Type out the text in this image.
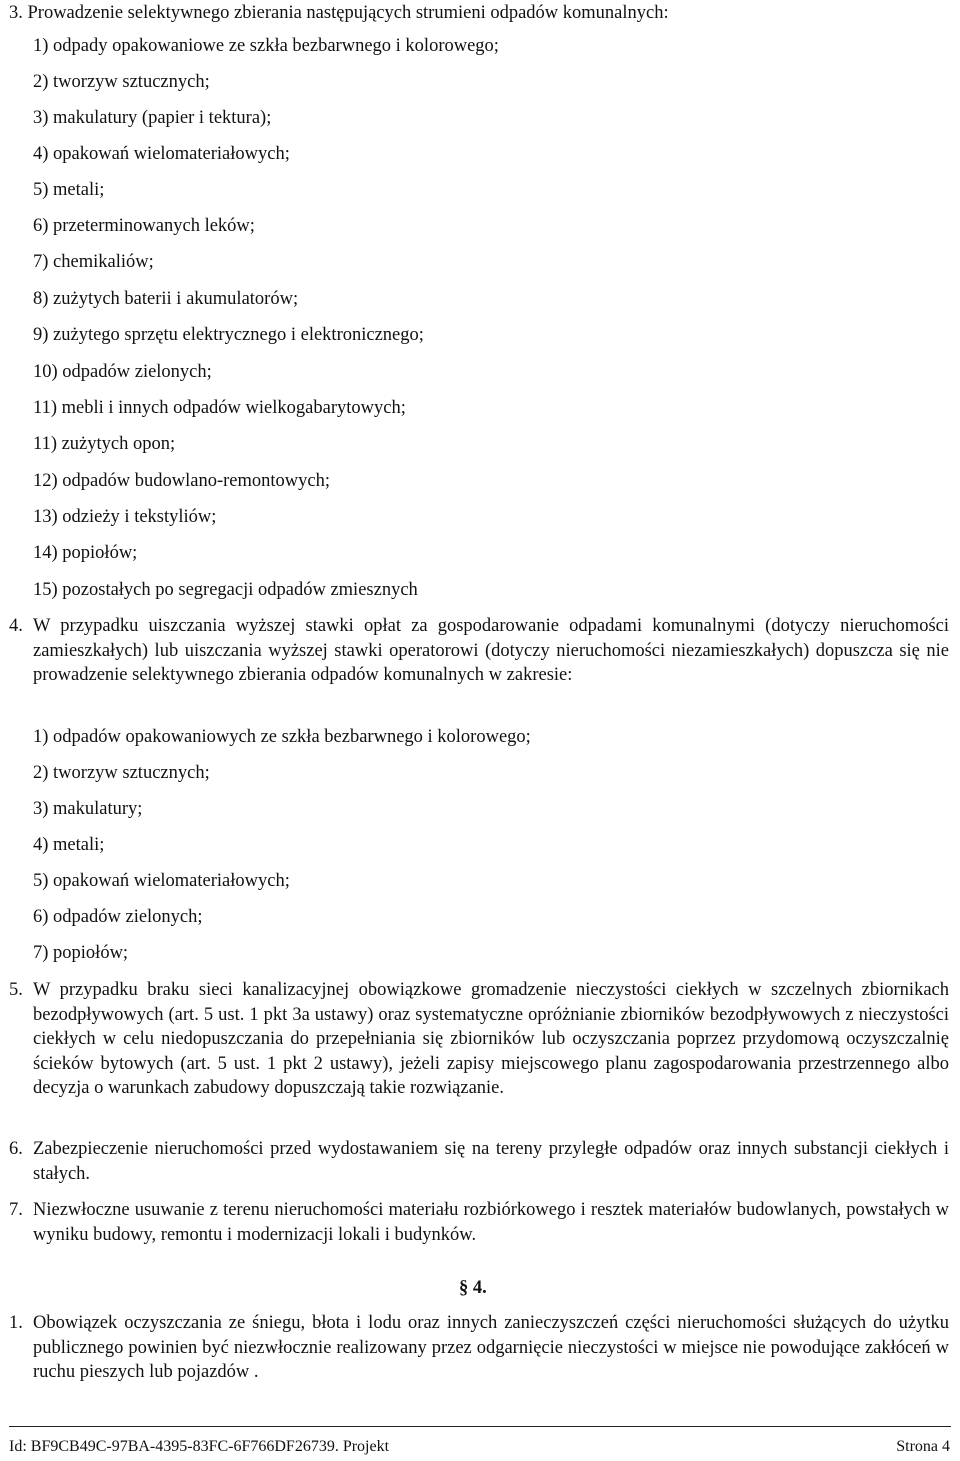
3. Prowadzenie selektywnego zbierania następujących strumieni odpadów komunalnych:
1) odpady opakowaniowe ze szkła bezbarwnego i kolorowego;
2) tworzyw sztucznych;
3) makulatury (papier i tektura);
4) opakowań wielomateriałowych;
5) metali;
6) przeterminowanych leków;
7) chemikaliów;
8) zużytych baterii i akumulatorów;
9) zużytego sprzętu elektrycznego i elektronicznego;
10) odpadów zielonych;
11) mebli i innych odpadów wielkogabarytowych;
11) zużytych opon;
12) odpadów budowlano-remontowych;
13) odzieży i tekstyliów;
14) popiołów;
15) pozostałych po segregacji odpadów zmiesznych
4. W przypadku uiszczania wyższej stawki opłat za gospodarowanie odpadami komunalnymi (dotyczy nieruchomości zamieszkałych) lub uiszczania wyższej stawki operatorowi (dotyczy nieruchomości niezamieszkałych) dopuszcza się nie prowadzenie selektywnego zbierania odpadów komunalnych w zakresie:
1) odpadów opakowaniowych ze szkła bezbarwnego i kolorowego;
2) tworzyw sztucznych;
3) makulatury;
4) metali;
5) opakowań wielomateriałowych;
6) odpadów zielonych;
7) popiołów;
5. W przypadku braku sieci kanalizacyjnej obowiązkowe gromadzenie nieczystości ciekłych w szczelnych zbiornikach bezodpływowych (art. 5 ust. 1 pkt 3a ustawy) oraz systematyczne opróżnianie zbiorników bezodpływowych z nieczystości ciekłych w celu niedopuszczania do przepełniania się zbiorników lub oczyszczania poprzez przydomową oczyszczalnię ścieków bytowych (art. 5 ust. 1 pkt 2 ustawy), jeżeli zapisy miejscowego planu zagospodarowania przestrzennego albo decyzja o warunkach zabudowy dopuszczają takie rozwiązanie.
6. Zabezpieczenie nieruchomości przed wydostawaniem się na tereny przyległe odpadów oraz innych substancji ciekłych i stałych.
7. Niezwłoczne usuwanie z terenu nieruchomości materiału rozbiórkowego i resztek materiałów budowlanych, powstałych w wyniku budowy, remontu i modernizacji lokali i budynków.
§ 4.
1. Obowiązek oczyszczania ze śniegu, błota i lodu oraz innych zanieczyszczeń części nieruchomości służących do użytku publicznego powinien być niezwłocznie realizowany przez odgarnięcie nieczystości w miejsce nie powodujące zakłóceń w ruchu pieszych lub pojazdów .
Id: BF9CB49C-97BA-4395-83FC-6F766DF26739. Projekt	Strona 4
